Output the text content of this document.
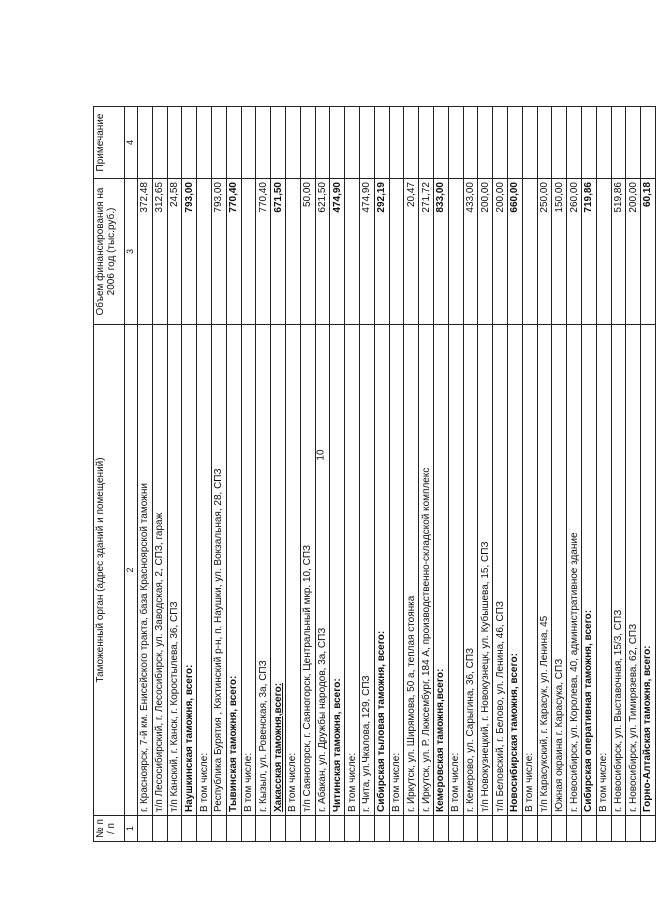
10
№ п / п	Таможенный орган (адрес зданий и помещений)	Объем финансирования на 2006 год (тыс.руб.)	Примечание
1	2	3	4
	г. Красноярск, 7-й км. Енисейского тракта, база Красноярской таможни	372,48	
	т/п Лесосибирский, г. Лесосибирск, ул. Заводская, 2, СПЗ, гараж	312,65	
	т/п Канский, г. Канск, г. Коростылева, 36, СПЗ	24,58	
	Наушкинская таможня, всего:	793,00	
	В том числе:		
	Республика Бурятия , Кяхтинский р-н, п. Наушки, ул. Вокзальная, 28, СПЗ	793,00	
	Тывинская таможня, всего:	770,40	
	В том числе:		
	г. Кызыл, ул. Ровенская, 3а, СПЗ	770,40	
	Хакасская таможня,всего:	671,50	
	В том числе:		
	т/п Саяногорск, г. Саяногорск, Центральный мкр. 10, СПЗ	50,00	
	г. Абакан, ул. Дружбы народов, 3а, СПЗ	621,50	
	Читинская таможня, всего:	474,90	
	В том числе:		
	г. Чита, ул.Чкалова, 129, СПЗ	474,90	
	Сибирская тыловая таможня, всего:	292,19	
	В том числе:		
	г. Иркутск, ул. Ширямова, 50 а, теплая стоянка	20,47	
	г. Иркутск, ул. Р. Люксембург, 184 А, производственно-складской комплекс	271,72	
	Кемеровская таможня,всего:	833,00	
	В том числе:		
	г. Кемерово, ул. Сарыгина, 36, СПЗ	433,00	
	т/п Новокузнецкий, г. Новокузнецк, ул. Кубышева, 15, СПЗ	200,00	
	т/п Беловский, г. Белово, ул. Ленина, 46, СПЗ	200,00	
	Новосибирская таможня, всего:	660,00	
	В том числе:		
	т/п Карасукский, г. Карасук, ул. Ленина, 45	250,00	
	Южная окраина г. Карасука, СПЗ	150,00	
	г. Новосибирск, ул. Королева, 40, административное здание	260,00	
	Сибирская оперативная таможня, всего:	719,86	
	В том числе:		
	г. Новосибирск, ул. Выставочная, 15/3, СПЗ	519,86	
	г. Новосибирск, ул. Тимирязева, 62, СПЗ	200,00	
	Горно-Алтайская таможня, всего:	60,18	
